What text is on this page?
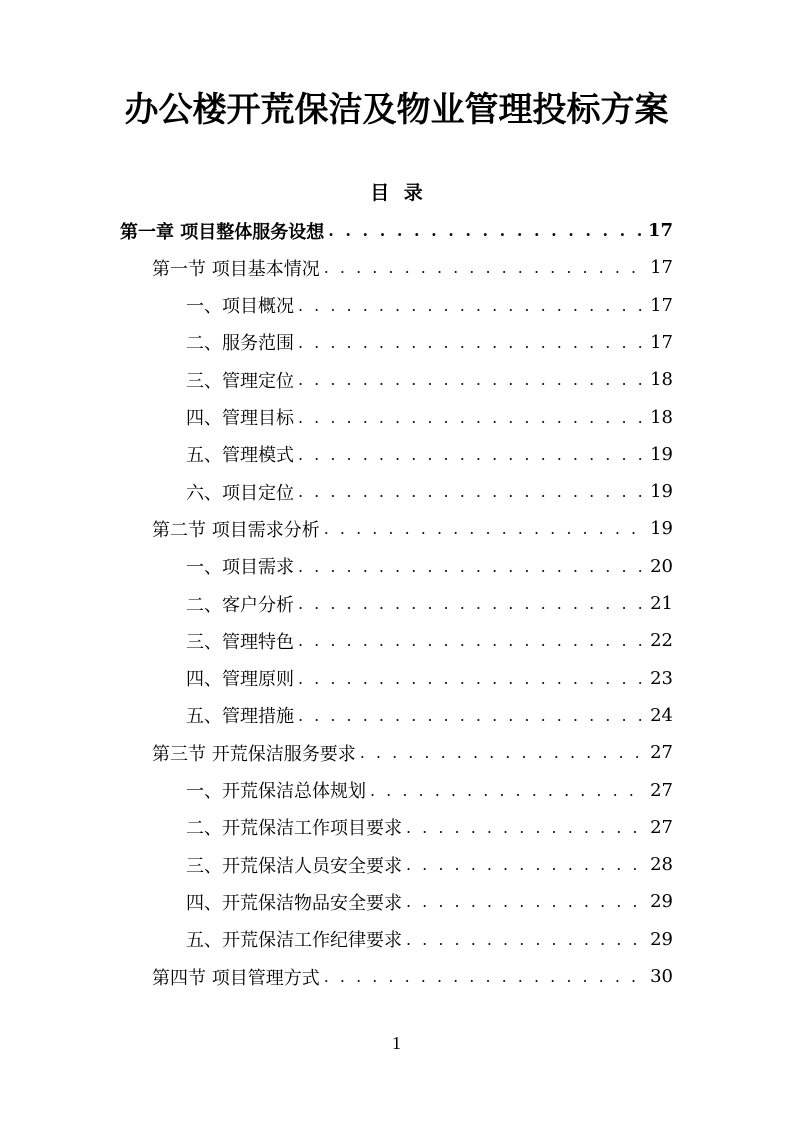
办公楼开荒保洁及物业管理投标方案
目 录
第一章 项目整体服务设想 . . .	17
第一节 项目基本情况 . . .	17
一、项目概况 . . .	17
二、服务范围 . . .	17
三、管理定位 . . .	18
四、管理目标 . . .	18
五、管理模式 . . .	19
六、项目定位 . . .	19
第二节 项目需求分析 . . .	19
一、项目需求 . . .	20
二、客户分析 . . .	21
三、管理特色 . . .	22
四、管理原则 . . .	23
五、管理措施 . . .	24
第三节 开荒保洁服务要求 . . .	27
一、开荒保洁总体规划 . . .	27
二、开荒保洁工作项目要求 . . .	27
三、开荒保洁人员安全要求 . . .	28
四、开荒保洁物品安全要求 . . .	29
五、开荒保洁工作纪律要求 . . .	29
第四节 项目管理方式 . . .	30
1
